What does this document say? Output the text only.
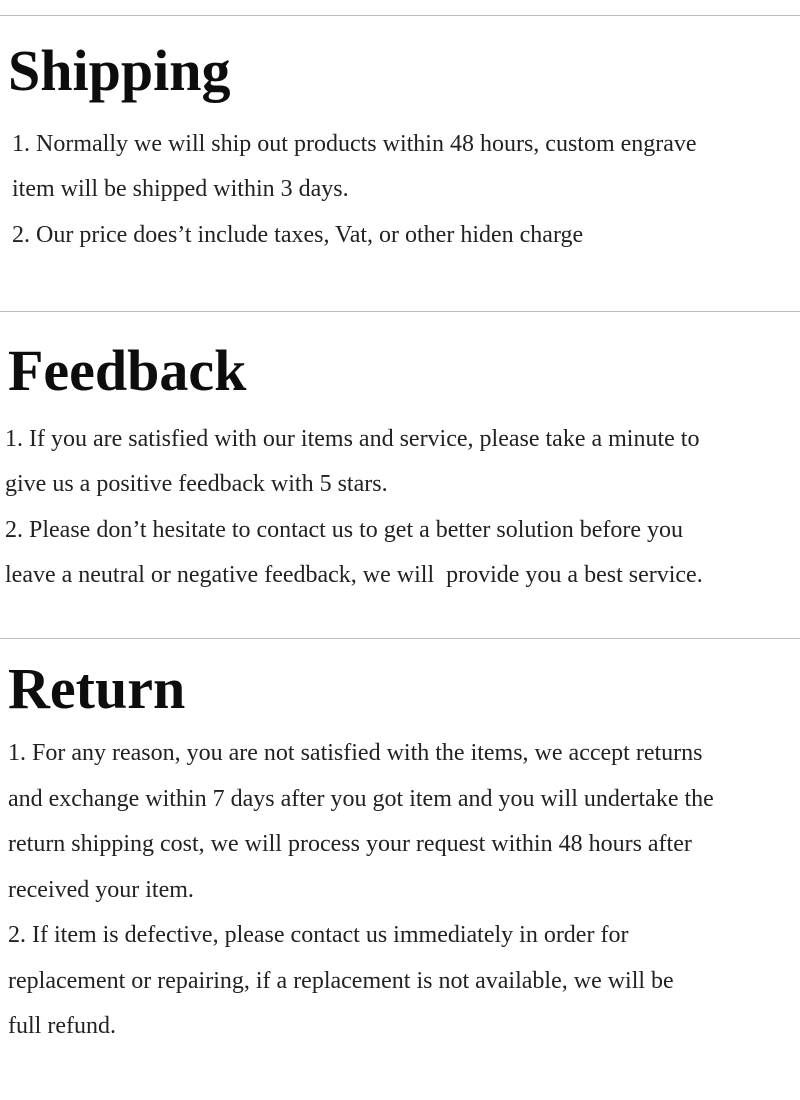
Shipping

1. Normally we will ship out products within 48 hours, custom engrave

item will be shipped within 3 days.

2. Our price does’t include taxes, Vat, or other hiden charge

Feedback

1. If you are satisfied with our items and service, please take a minute to

give us a positive feedback with 5 stars.

2. Please don’t hesitate to contact us to get a better solution before you

leave a neutral or negative feedback, we will  provide you a best service.

Return

1. For any reason, you are not satisfied with the items, we accept returns

and exchange within 7 days after you got item and you will undertake the

return shipping cost, we will process your request within 48 hours after

received your item.

2. If item is defective, please contact us immediately in order for

replacement or repairing, if a replacement is not available, we will be

full refund.
